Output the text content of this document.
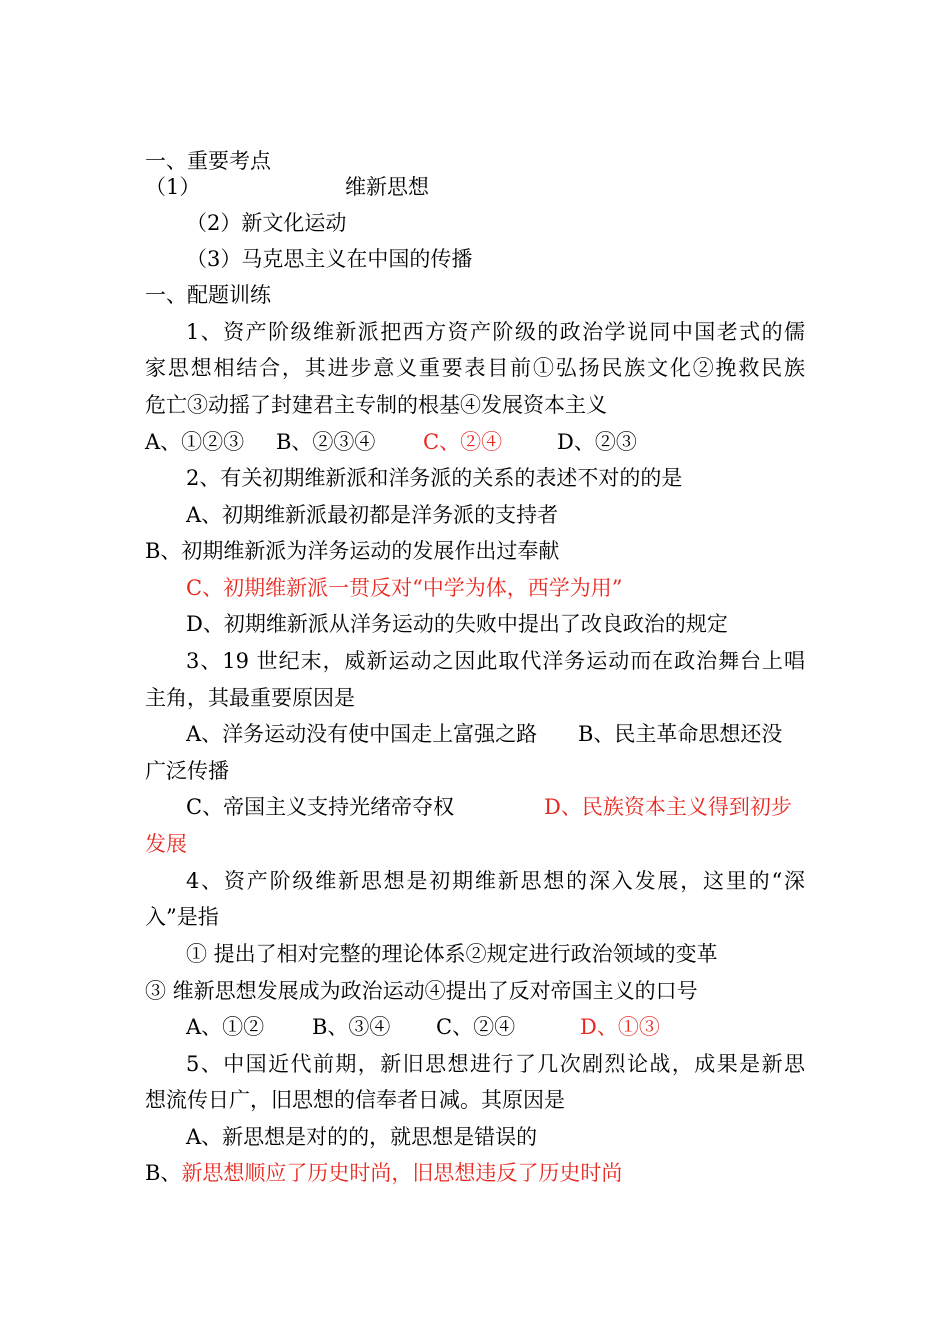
一、重要考点
（1）	维新思想
（2）新文化运动
（3）马克思主义在中国的传播
一、配题训练
1、资产阶级维新派把西方资产阶级的政治学说同中国老式的儒
家思想相结合，其进步意义重要表目前①弘扬民族文化②挽救民族
危亡③动摇了封建君主专制的根基④发展资本主义
A、①②③ B、②③④ C、②④	D、②③
2、有关初期维新派和洋务派的关系的表述不对的的是
A、初期维新派最初都是洋务派的支持者
B、初期维新派为洋务运动的发展作出过奉献
C、初期维新派一贯反对“中学为体，西学为用”
D、初期维新派从洋务运动的失败中提出了改良政治的规定
3、19 世纪末，威新运动之因此取代洋务运动而在政治舞台上唱
主角，其最重要原因是
A、洋务运动没有使中国走上富强之路 B、民主革命思想还没
广泛传播
C、帝国主义支持光绪帝夺权	D、民族资本主义得到初步
发展
4、资产阶级维新思想是初期维新思想的深入发展，这里的“深
入”是指
① 提出了相对完整的理论体系②规定进行政治领域的变革
③ 维新思想发展成为政治运动④提出了反对帝国主义的口号
A、①② B、③④ C、②④	D、①③
5、中国近代前期，新旧思想进行了几次剧烈论战，成果是新思
想流传日广，旧思想的信奉者日减。其原因是
A、新思想是对的的，就思想是错误的
B、新思想顺应了历史时尚，旧思想违反了历史时尚
